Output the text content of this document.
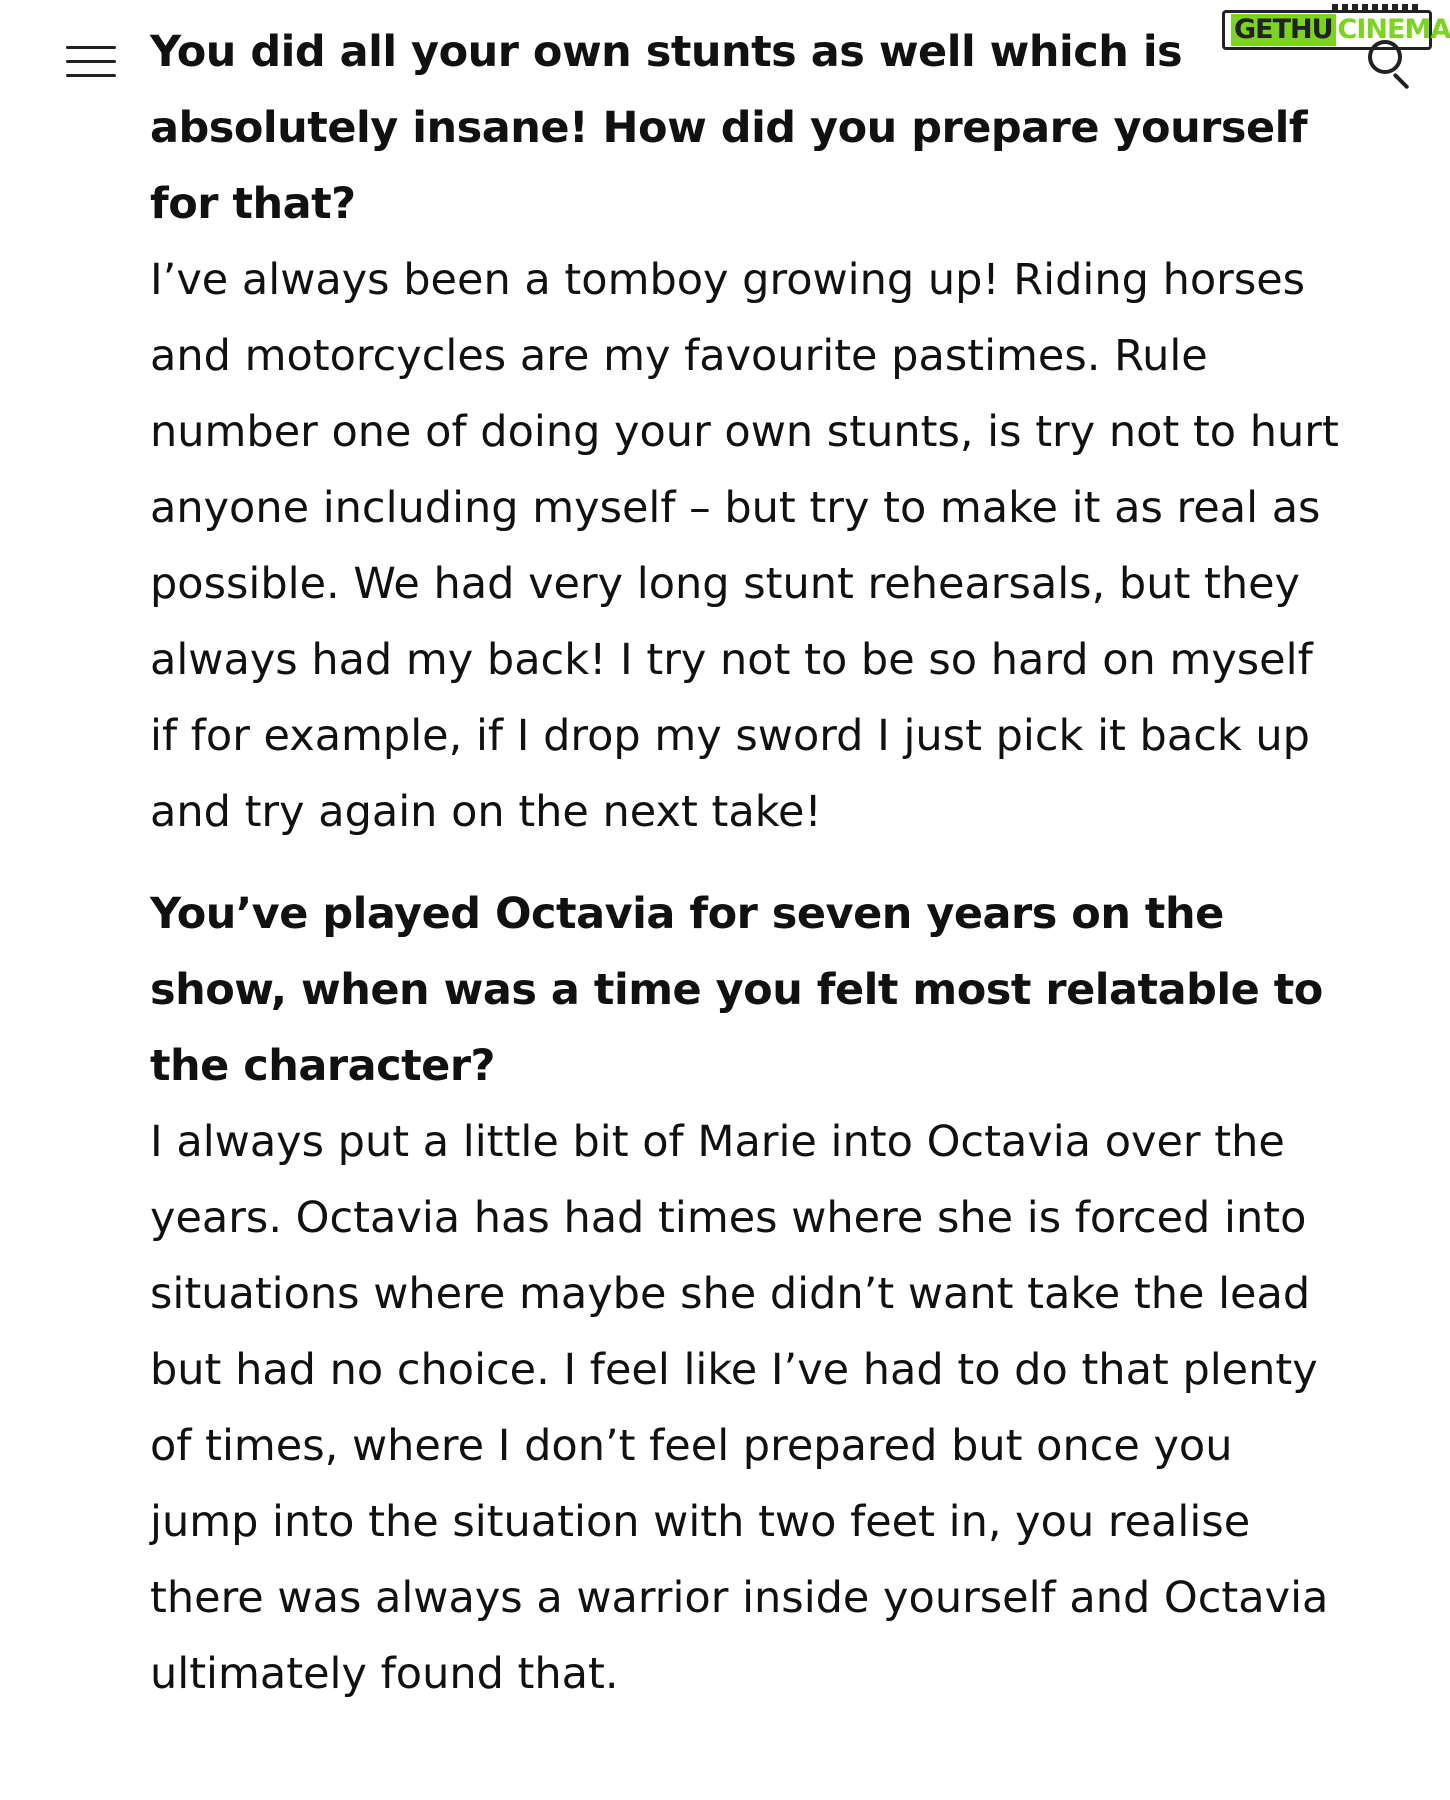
GETHU CINEMA

You did all your own stunts as well which is absolutely insane! How did you prepare yourself for that?

I’ve always been a tomboy growing up! Riding horses and motorcycles are my favourite pastimes. Rule number one of doing your own stunts, is try not to hurt anyone including myself – but try to make it as real as possible. We had very long stunt rehearsals, but they always had my back! I try not to be so hard on myself if for example, if I drop my sword I just pick it back up and try again on the next take!

You’ve played Octavia for seven years on the show, when was a time you felt most relatable to the character?

I always put a little bit of Marie into Octavia over the years. Octavia has had times where she is forced into situations where maybe she didn’t want take the lead but had no choice. I feel like I’ve had to do that plenty of times, where I don’t feel prepared but once you jump into the situation with two feet in, you realise there was always a warrior inside yourself and Octavia ultimately found that.
